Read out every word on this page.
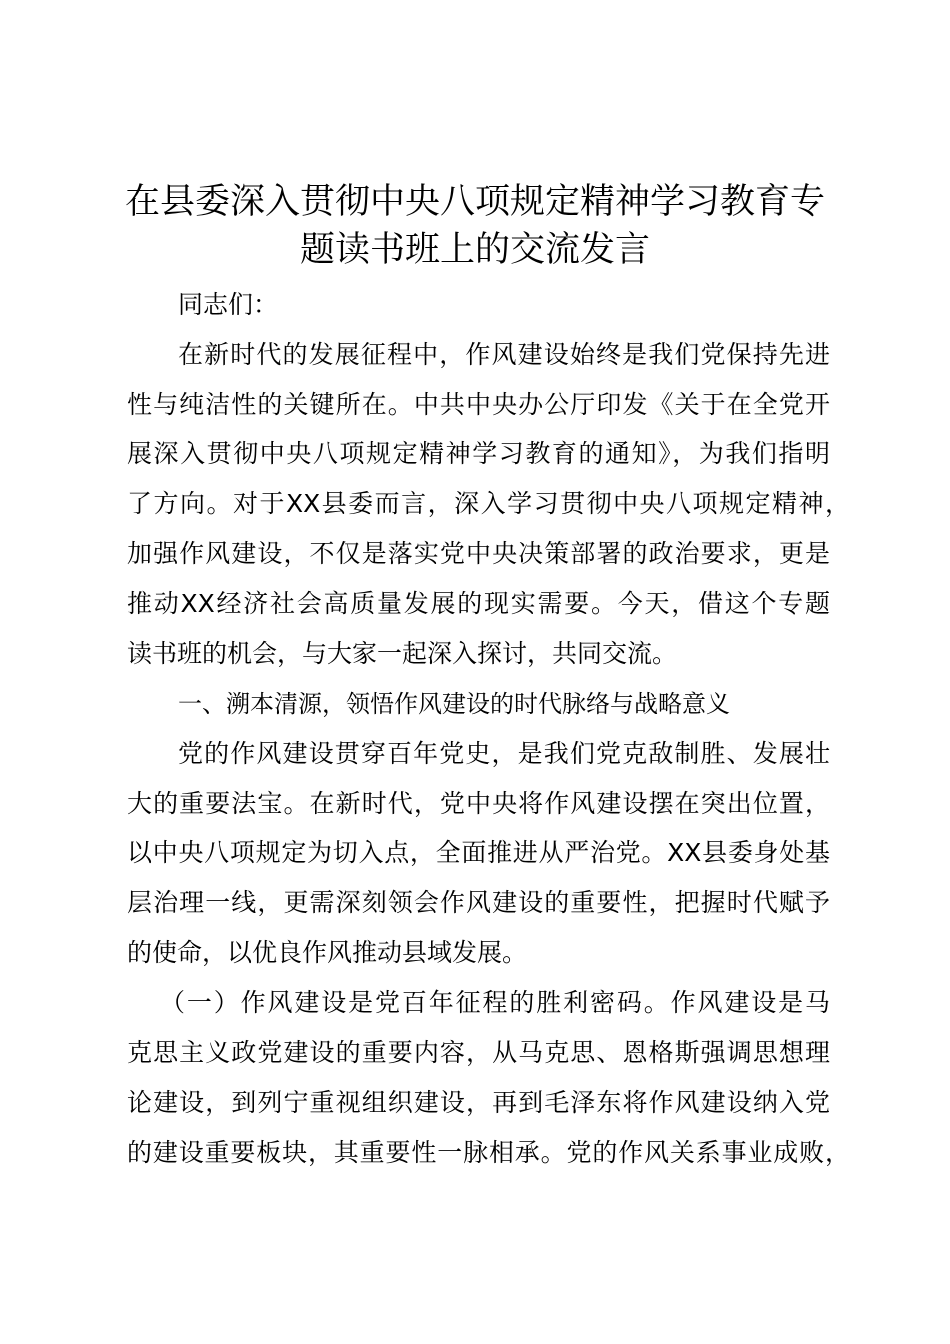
在县委深入贯彻中央八项规定精神学习教育专
题读书班上的交流发言
同志们：
在新时代的发展征程中，作风建设始终是我们党保持先进
性与纯洁性的关键所在。中共中央办公厅印发《关于在全党开
展深入贯彻中央八项规定精神学习教育的通知》，为我们指明
了方向。对于XX县委而言，深入学习贯彻中央八项规定精神，
加强作风建设，不仅是落实党中央决策部署的政治要求，更是
推动XX经济社会高质量发展的现实需要。今天，借这个专题
读书班的机会，与大家一起深入探讨，共同交流。
一、溯本清源，领悟作风建设的时代脉络与战略意义
党的作风建设贯穿百年党史，是我们党克敌制胜、发展壮
大的重要法宝。在新时代，党中央将作风建设摆在突出位置，
以中央八项规定为切入点，全面推进从严治党。XX县委身处基
层治理一线，更需深刻领会作风建设的重要性，把握时代赋予
的使命，以优良作风推动县域发展。
（一）作风建设是党百年征程的胜利密码。作风建设是马
克思主义政党建设的重要内容，从马克思、恩格斯强调思想理
论建设，到列宁重视组织建设，再到毛泽东将作风建设纳入党
的建设重要板块，其重要性一脉相承。党的作风关系事业成败，
